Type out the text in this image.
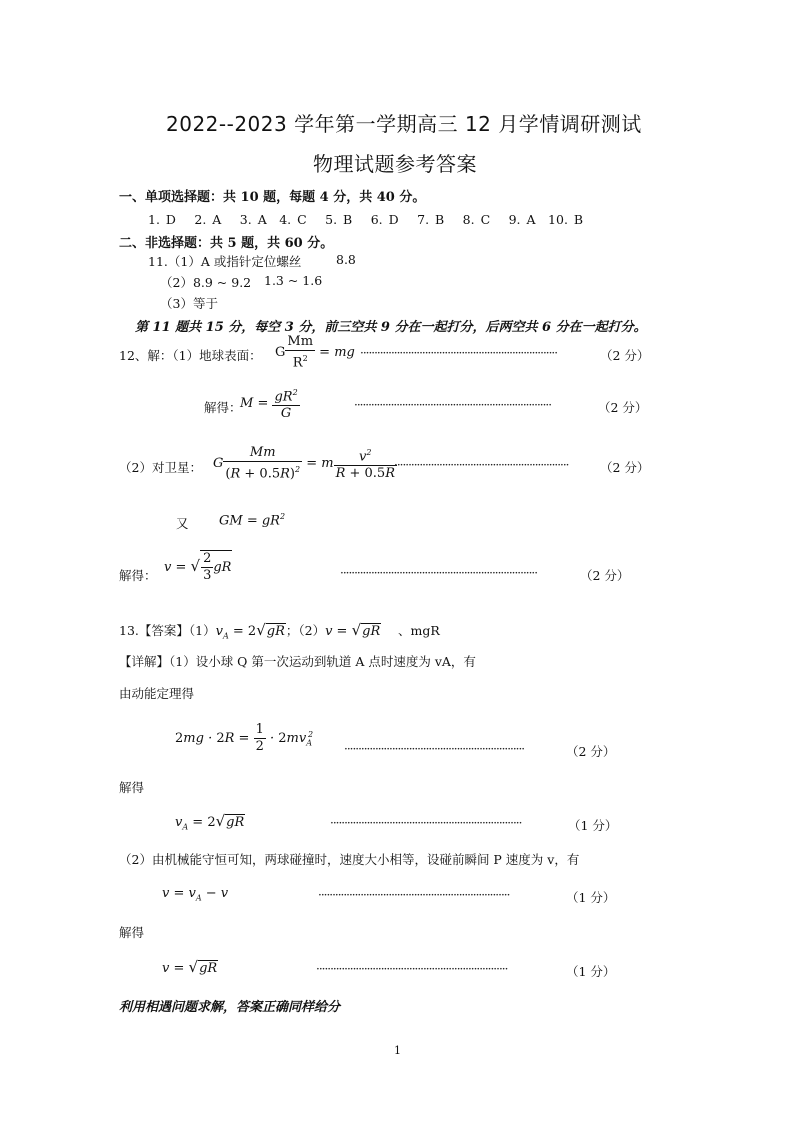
2022--2023 学年第一学期高三 12 月学情调研测试
物理试题参考答案
一、单项选择题：共 10 题，每题 4 分，共 40 分。
1. D　 2. A　 3. A　4. C　 5. B　 6. D　 7. B　 8. C　 9. A　10. B
二、非选择题：共 5 题，共 60 分。
11.（1）A 或指针定位螺丝	8.8
（2）8.9 ~ 9.2 1.3 ~ 1.6
（3）等于
第 11 题共 15 分，每空 3 分，前三空共 9 分在一起打分，后两空共 6 分在一起打分。
12、解：（1）地球表面： G $\frac{Mm}{R^2}$ = mg ······································································	（2 分）
解得：
$M = \frac{gR^2}{G}$	······································································	（2 分）
（2）对卫星： G $\frac{Mm}{(R + 0.5R)^2} = m \frac{v^2}{R + 0.5R}$
······························································	（2 分）
又 GM = $gR^2$
解得：
v = √ $\frac{2}{3}$ gR	······································································	（2 分）
13.【答案】$(1)v_A = 2√gR$；（2）v = √gR 、mgR
【详解】（1）设小球 Q 第一次运动到轨道 A 点时速度为 vA，有
由动能定理得
$2mg \cdot 2R = \frac{1}{2} \cdot 2mv_A^2$
································································	（2 分）
解得
$v_A = 2√gR$	····································································	（1 分）
（2）由机械能守恒可知，两球碰撞时，速度大小相等，设碰前瞬间 P 速度为 v，有
$v = v_A - v$	····································································	（1 分）
解得
v = √gR	····································································	（1 分）
利用相遇问题求解，答案正确同样给分
1
